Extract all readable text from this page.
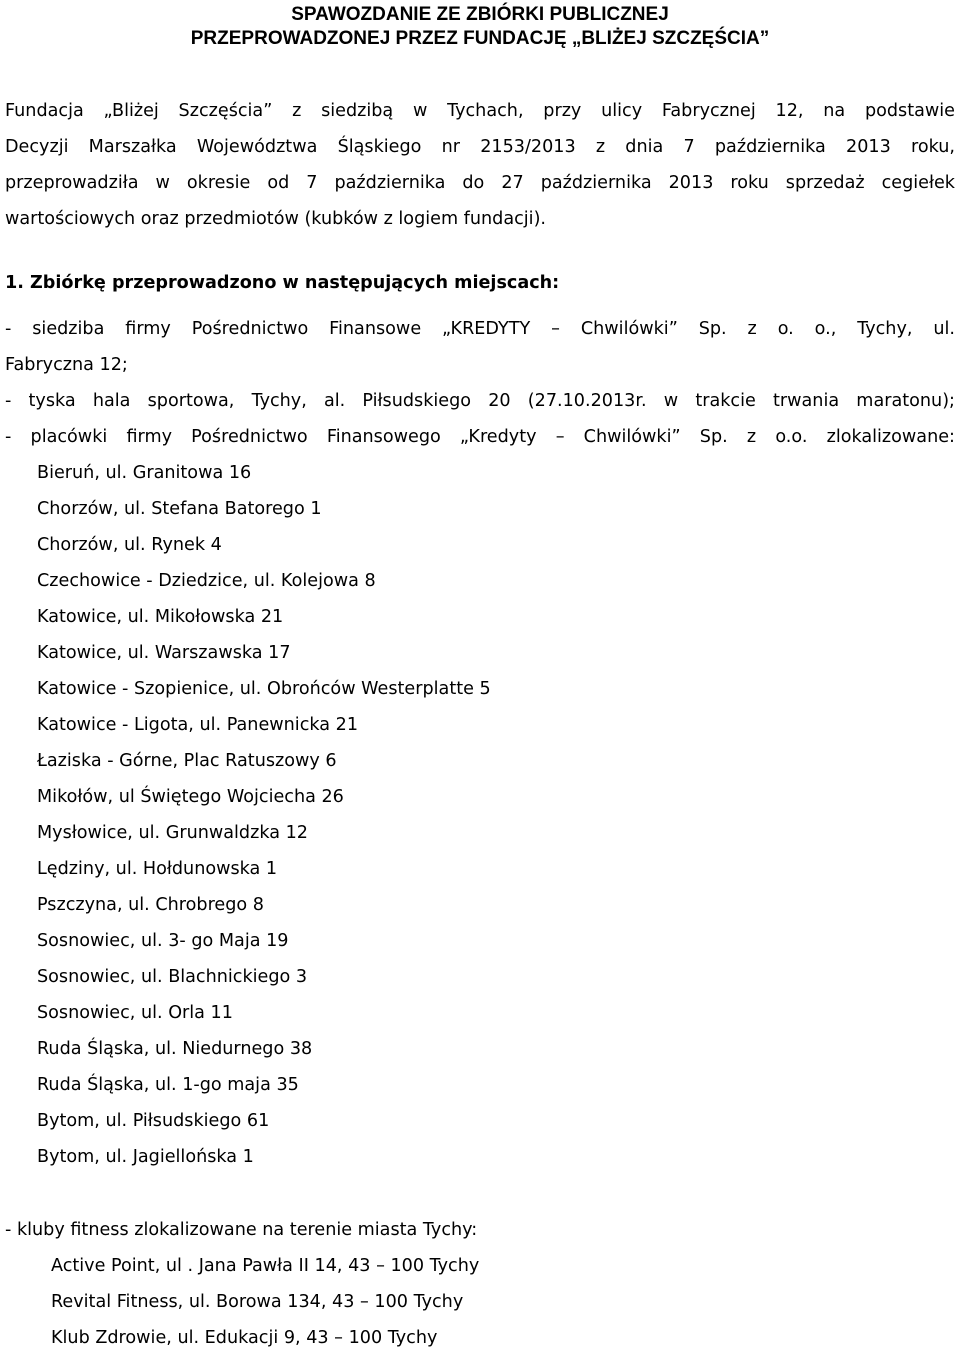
SPAWOZDANIE ZE ZBIÓRKI PUBLICZNEJ
PRZEPROWADZONEJ PRZEZ FUNDACJĘ „BLIŻEJ SZCZĘŚCIA”
Fundacja „Bliżej Szczęścia” z siedzibą w Tychach, przy ulicy Fabrycznej 12, na podstawie
Decyzji Marszałka Województwa Śląskiego nr 2153/2013 z dnia 7 października 2013 roku,
przeprowadziła w okresie od 7 października do 27 października 2013 roku sprzedaż cegiełek
wartościowych oraz przedmiotów (kubków z logiem fundacji).
1. Zbiórkę przeprowadzono w następujących miejscach:
- siedziba firmy Pośrednictwo Finansowe „KREDYTY – Chwilówki” Sp. z o. o., Tychy, ul.
Fabryczna 12;
- tyska hala sportowa, Tychy, al. Piłsudskiego 20 (27.10.2013r. w trakcie trwania maratonu);
- placówki firmy Pośrednictwo Finansowego „Kredyty – Chwilówki” Sp. z o.o. zlokalizowane:
Bieruń, ul. Granitowa 16
Chorzów, ul. Stefana Batorego 1
Chorzów, ul. Rynek 4
Czechowice - Dziedzice, ul. Kolejowa 8
Katowice, ul. Mikołowska 21
Katowice, ul. Warszawska 17
Katowice - Szopienice, ul. Obrońców Westerplatte 5
Katowice - Ligota, ul. Panewnicka 21
Łaziska - Górne, Plac Ratuszowy 6
Mikołów, ul Świętego Wojciecha 26
Mysłowice, ul. Grunwaldzka 12
Lędziny, ul. Hołdunowska 1
Pszczyna, ul. Chrobrego 8
Sosnowiec, ul. 3- go Maja 19
Sosnowiec, ul. Blachnickiego 3
Sosnowiec, ul. Orla 11
Ruda Śląska, ul. Niedurnego 38
Ruda Śląska, ul. 1-go maja 35
Bytom, ul. Piłsudskiego 61
Bytom, ul. Jagiellońska 1
- kluby fitness zlokalizowane na terenie miasta Tychy:
Active Point, ul . Jana Pawła II 14, 43 – 100 Tychy
Revital Fitness, ul. Borowa 134, 43 – 100 Tychy
Klub Zdrowie, ul. Edukacji 9, 43 – 100 Tychy
